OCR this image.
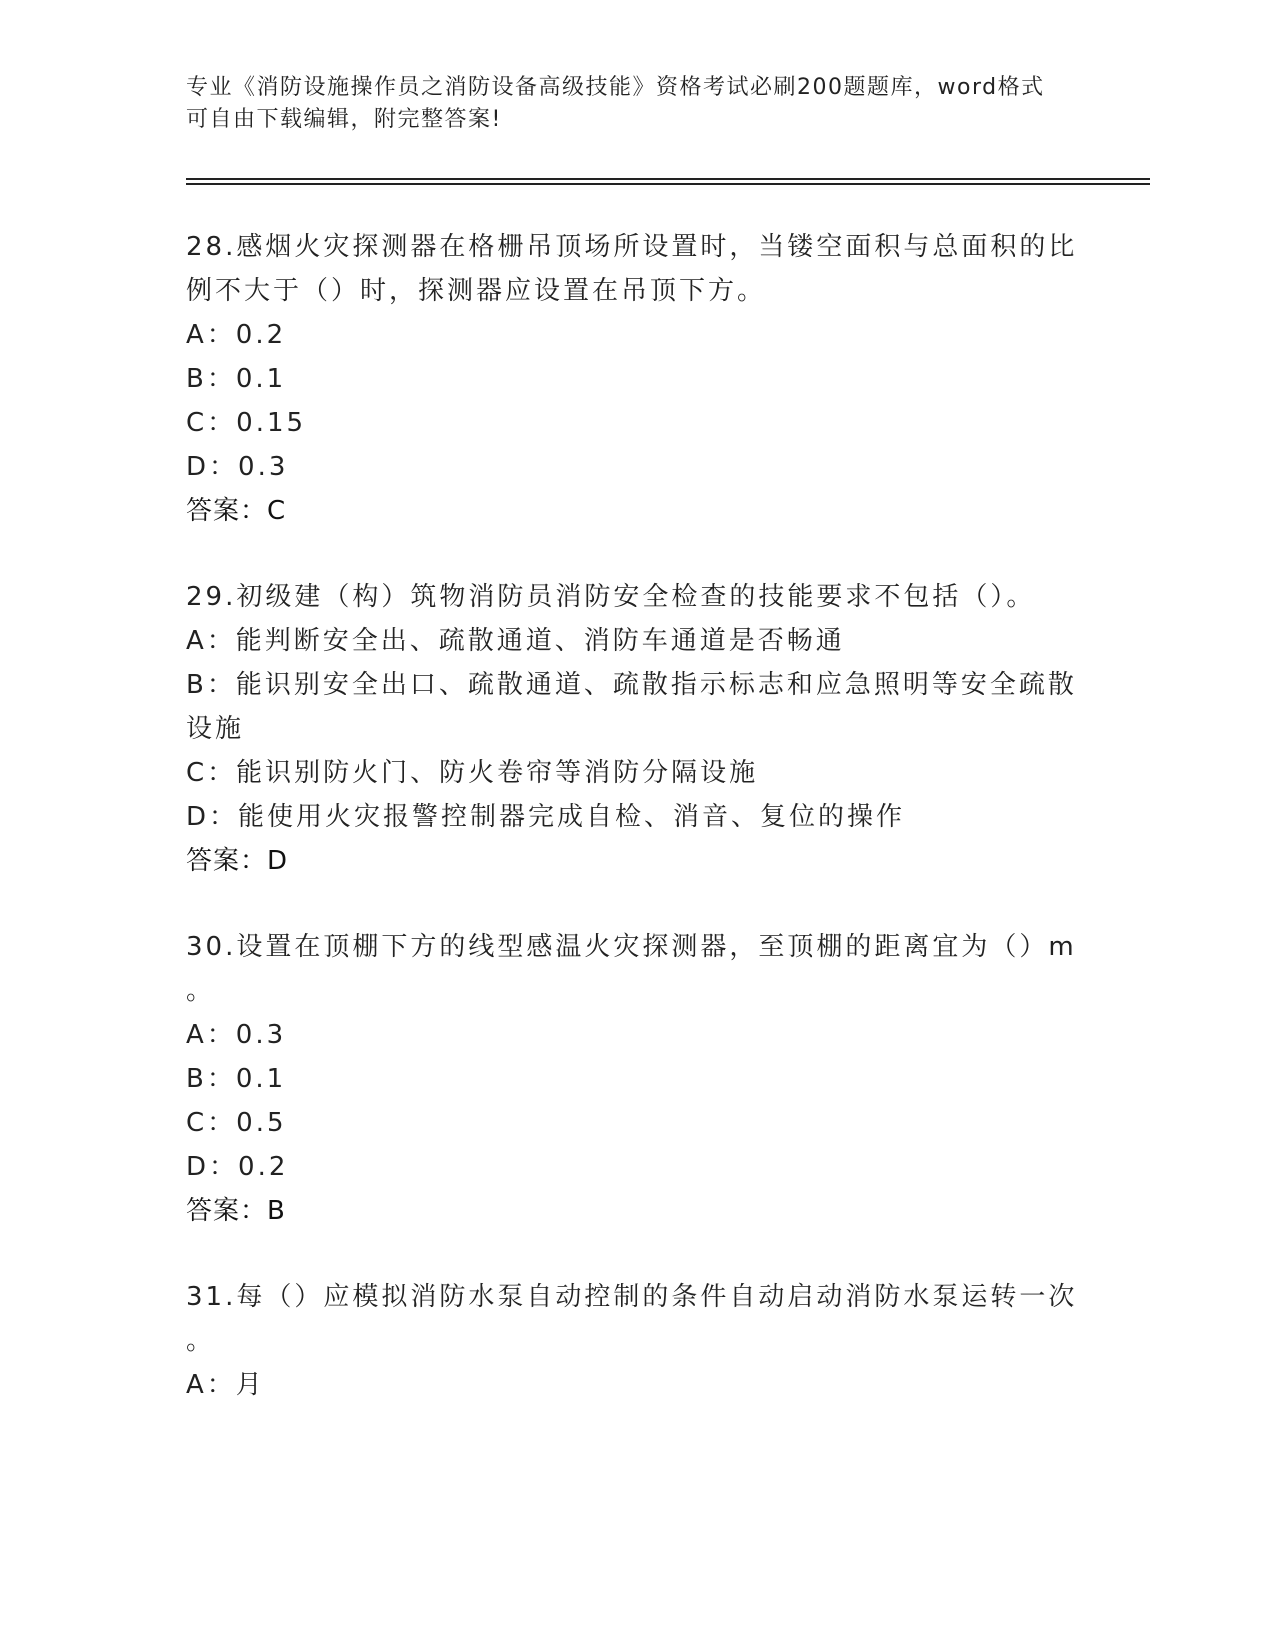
专业《消防设施操作员之消防设备高级技能》资格考试必刷200题题库，word格式可自由下载编辑，附完整答案!
28.感烟火灾探测器在格栅吊顶场所设置时，当镂空面积与总面积的比
例不大于（）时，探测器应设置在吊顶下方。
A：0.2
B：0.1
C：0.15
D：0.3
答案：C
29.初级建（构）筑物消防员消防安全检查的技能要求不包括（）。
A：能判断安全出、疏散通道、消防车通道是否畅通
B：能识别安全出口、疏散通道、疏散指示标志和应急照明等安全疏散
设施
C：能识别防火门、防火卷帘等消防分隔设施
D：能使用火灾报警控制器完成自检、消音、复位的操作
答案：D
30.设置在顶棚下方的线型感温火灾探测器，至顶棚的距离宜为（）m
。
A：0.3
B：0.1
C：0.5
D：0.2
答案：B
31.每（）应模拟消防水泵自动控制的条件自动启动消防水泵运转一次
。
A：月
